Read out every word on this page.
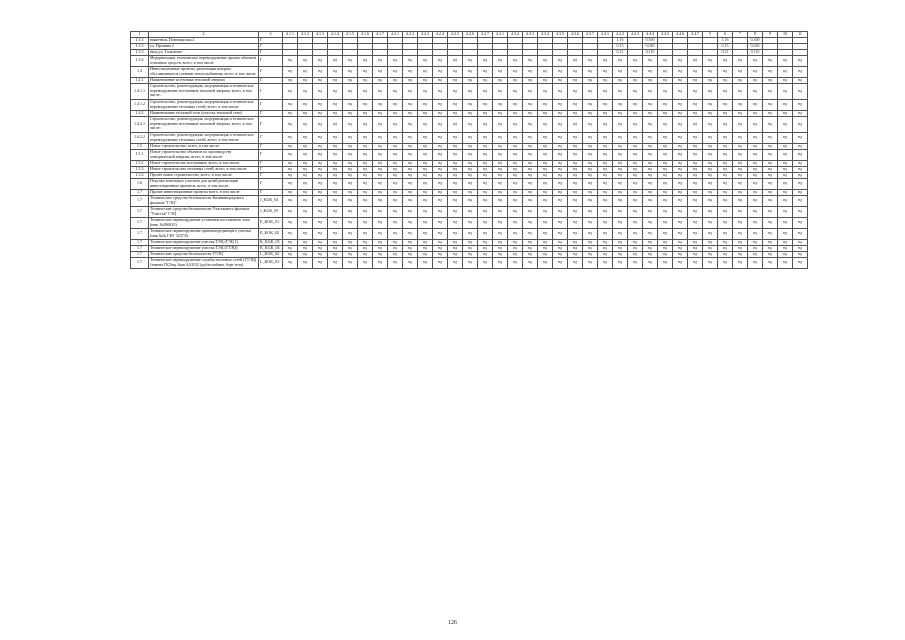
1	2	3	4.1.1	4.1.2	4.1.3	4.1.4	4.1.5	4.1.6	4.1.7	4.2.1	4.2.2	4.2.3	4.2.4	4.2.5	4.2.6	4.2.7	4.3.1	4.3.2	4.3.3	4.3.4	4.3.5	4.3.6	4.3.7	4.4.1	4.4.2	4.4.3	4.4.4	4.4.5	4.4.6	4.4.7	5	6	7	8	9	10	11
1.3.3	вакантная, Пономарская 2	Г																							1,16		0,300					1,16		0,300			
1.3.3	ул. Пронина 2	Г																							0,15		0,040					0,15		0,040			
1.3.3	ввод ул. Талалеева	Г																							0,21		0,110					0,21		0,110			
1.3.4	Модернизация, техническое перевооружение прочих объектов основных средств, всего, в том числе:	Г	нд	нд	нд	нд	нд	нд	нд	нд	нд	нд	нд	нд	нд	нд	нд	нд	нд	нд	нд	нд	нд	нд	нд	нд	нд	нд	нд	нд	нд	нд	нд	нд	нд	нд	нд
1.4	Инвестиционные проекты, реализация которых обуславливается схемами теплоснабжения, всего, в том числе:	Г	нд	нд	нд	нд	нд	нд	нд	нд	нд	нд	нд	нд	нд	нд	нд	нд	нд	нд	нд	нд	нд	нд	нд	нд	нд	нд	нд	нд	нд	нд	нд	нд	нд	нд	нд
1.4.1	Наименование источника тепловой энергии	Г	нд	нд	нд	нд	нд	нд	нд	нд	нд	нд	нд	нд	нд	нд	нд	нд	нд	нд	нд	нд	нд	нд	нд	нд	нд	нд	нд	нд	нд	нд	нд	нд	нд	нд	нд
1.4.1.1	Строительство, реконструкция, модернизация и техническое перевооружение источников тепловой энергии, всего, в том числе:	Г	нд	нд	нд	нд	нд	нд	нд	нд	нд	нд	нд	нд	нд	нд	нд	нд	нд	нд	нд	нд	нд	нд	нд	нд	нд	нд	нд	нд	нд	нд	нд	нд	нд	нд	нд
1.4.1.2	Строительство, реконструкция, модернизация и техническое перевооружение тепловых сетей, всего, в том числе:	Г	нд	нд	нд	нд	нд	нд	нд	нд	нд	нд	нд	нд	нд	нд	нд	нд	нд	нд	нд	нд	нд	нд	нд	нд	нд	нд	нд	нд	нд	нд	нд	нд	нд	нд	нд
1.4.2	Наименование тепловой сети (участка тепловой сети)	Г	нд	нд	нд	нд	нд	нд	нд	нд	нд	нд	нд	нд	нд	нд	нд	нд	нд	нд	нд	нд	нд	нд	нд	нд	нд	нд	нд	нд	нд	нд	нд	нд	нд	нд	нд
1.4.2.1	Строительство, реконструкция, модернизация и техническое перевооружение источников тепловой энергии, всего, в том числе:	Г	нд	нд	нд	нд	нд	нд	нд	нд	нд	нд	нд	нд	нд	нд	нд	нд	нд	нд	нд	нд	нд	нд	нд	нд	нд	нд	нд	нд	нд	нд	нд	нд	нд	нд	нд
1.4.2.2	Строительство, реконструкция, модернизация и техническое перевооружение тепловых сетей, всего, в том числе:	Г	нд	нд	нд	нд	нд	нд	нд	нд	нд	нд	нд	нд	нд	нд	нд	нд	нд	нд	нд	нд	нд	нд	нд	нд	нд	нд	нд	нд	нд	нд	нд	нд	нд	нд	нд
1.5	Новое строительство, всего, в том числе:	Г	нд	нд	нд	нд	нд	нд	нд	нд	нд	нд	нд	нд	нд	нд	нд	нд	нд	нд	нд	нд	нд	нд	нд	нд	нд	нд	нд	нд	нд	нд	нд	нд	нд	нд	нд
1.5.1	Новое строительство объектов по производству электрической энергии, всего, в том числе:	Г	нд	нд	нд	нд	нд	нд	нд	нд	нд	нд	нд	нд	нд	нд	нд	нд	нд	нд	нд	нд	нд	нд	нд	нд	нд	нд	нд	нд	нд	нд	нд	нд	нд	нд	нд
1.5.2	Новое строительство источников, всего, в том числе:	Г	нд	нд	нд	нд	нд	нд	нд	нд	нд	нд	нд	нд	нд	нд	нд	нд	нд	нд	нд	нд	нд	нд	нд	нд	нд	нд	нд	нд	нд	нд	нд	нд	нд	нд	нд
1.5.3	Новое строительство тепловых сетей, всего, в том числе:	Г	нд	нд	нд	нд	нд	нд	нд	нд	нд	нд	нд	нд	нд	нд	нд	нд	нд	нд	нд	нд	нд	нд	нд	нд	нд	нд	нд	нд	нд	нд	нд	нд	нд	нд	нд
1.5.4	Прочее новое строительство, всего, в том числе:	Г	нд	нд	нд	нд	нд	нд	нд	нд	нд	нд	нд	нд	нд	нд	нд	нд	нд	нд	нд	нд	нд	нд	нд	нд	нд	нд	нд	нд	нд	нд	нд	нд	нд	нд	нд
1.6	Покупка земельных участков для целей реализации инвестиционных проектов, всего, в том числе:	Г	нд	нд	нд	нд	нд	нд	нд	нд	нд	нд	нд	нд	нд	нд	нд	нд	нд	нд	нд	нд	нд	нд	нд	нд	нд	нд	нд	нд	нд	нд	нд	нд	нд	нд	нд
1.7	Прочие инвестиционные проекты всего, в том числе:	Г	нд	нд	нд	нд	нд	нд	нд	нд	нд	нд	нд	нд	нд	нд	нд	нд	нд	нд	нд	нд	нд	нд	нд	нд	нд	нд	нд	нд	нд	нд	нд	нд	нд	нд	нд
1.7	Технические средства безопасности Калининградского филиала "ГЭЦ"	J_KGK_04	нд	нд	нд	нд	нд	нд	нд	нд	нд	нд	нд	нд	нд	нд	нд	нд	нд	нд	нд	нд	нд	нд	нд	нд	нд	нд	нд	нд	нд	нд	нд	нд	нд	нд	нд
1.7	Технические средства безопасности Участкового филиала "Участок" ГЭЦ	J_KGK_05	нд	нд	нд	нд	нд	нд	нд	нд	нд	нд	нд	нд	нд	нд	нд	нд	нд	нд	нд	нд	нд	нд	нд	нд	нд	нд	нд	нд	нд	нд	нд	нд	нд	нд	нд
1.7	Техническое перевооружение установки постоянного тока (инв. №396810)	E_KGK_01	нд	нд	нд	нд	нд	нд	нд	нд	нд	нд	нд	нд	нд	нд	нд	нд	нд	нд	нд	нд	нд	нд	нд	нд	нд	нд	нд	нд	нд	нд	нд	нд	нд	нд	нд
1.7	Техническое перевооружение приемопередающего участка (инв.№№ ГКУ 3237/0)	E_KGK_02	нд	нд	нд	нд	нд	нд	нд	нд	нд	нд	нд	нд	нд	нд	нд	нд	нд	нд	нд	нд	нд	нд	нд	нд	нд	нд	нд	нд	нд	нд	нд	нд	нд	нд	нд
1.7	Техническое перевооружение участка ТЭЦ (ГЭЦ 1)	K_KGK_03	нд	нд	нд	нд	нд	нд	нд	нд	нд	нд	нд	нд	нд	нд	нд	нд	нд	нд	нд	нд	нд	нд	нд	нд	нд	нд	нд	нд	нд	нд	нд	нд	нд	нд	нд
1.7	Техническое перевооружение участка ТЭЦ (ГТЭЦ)	K_KGK_04	нд	нд	нд	нд	нд	нд	нд	нд	нд	нд	нд	нд	нд	нд	нд	нд	нд	нд	нд	нд	нд	нд	нд	нд	нд	нд	нд	нд	нд	нд	нд	нд	нд	нд	нд
1.7	Технические средства безопасности ГТЭЦ	L_KGK_02	нд	нд	нд	нд	нд	нд	нд	нд	нд	нд	нд	нд	нд	нд	нд	нд	нд	нд	нд	нд	нд	нд	нд	нд	нд	нд	нд	нд	нд	нд	нд	нд	нд	нд	нд
1.7	Техническое перевооружение службы тепловых сетей (ГТЭЦ) (замена ГКЗ/нд №кв А2/0/32 (дубль-кабина, берт тела)	L_KGK_03	нд	нд	нд	нд	нд	нд	нд	нд	нд	нд	нд	нд	нд	нд	нд	нд	нд	нд	нд	нд	нд	нд	нд	нд	нд	нд	нд	нд	нд	нд	нд	нд	нд	нд	нд
126
